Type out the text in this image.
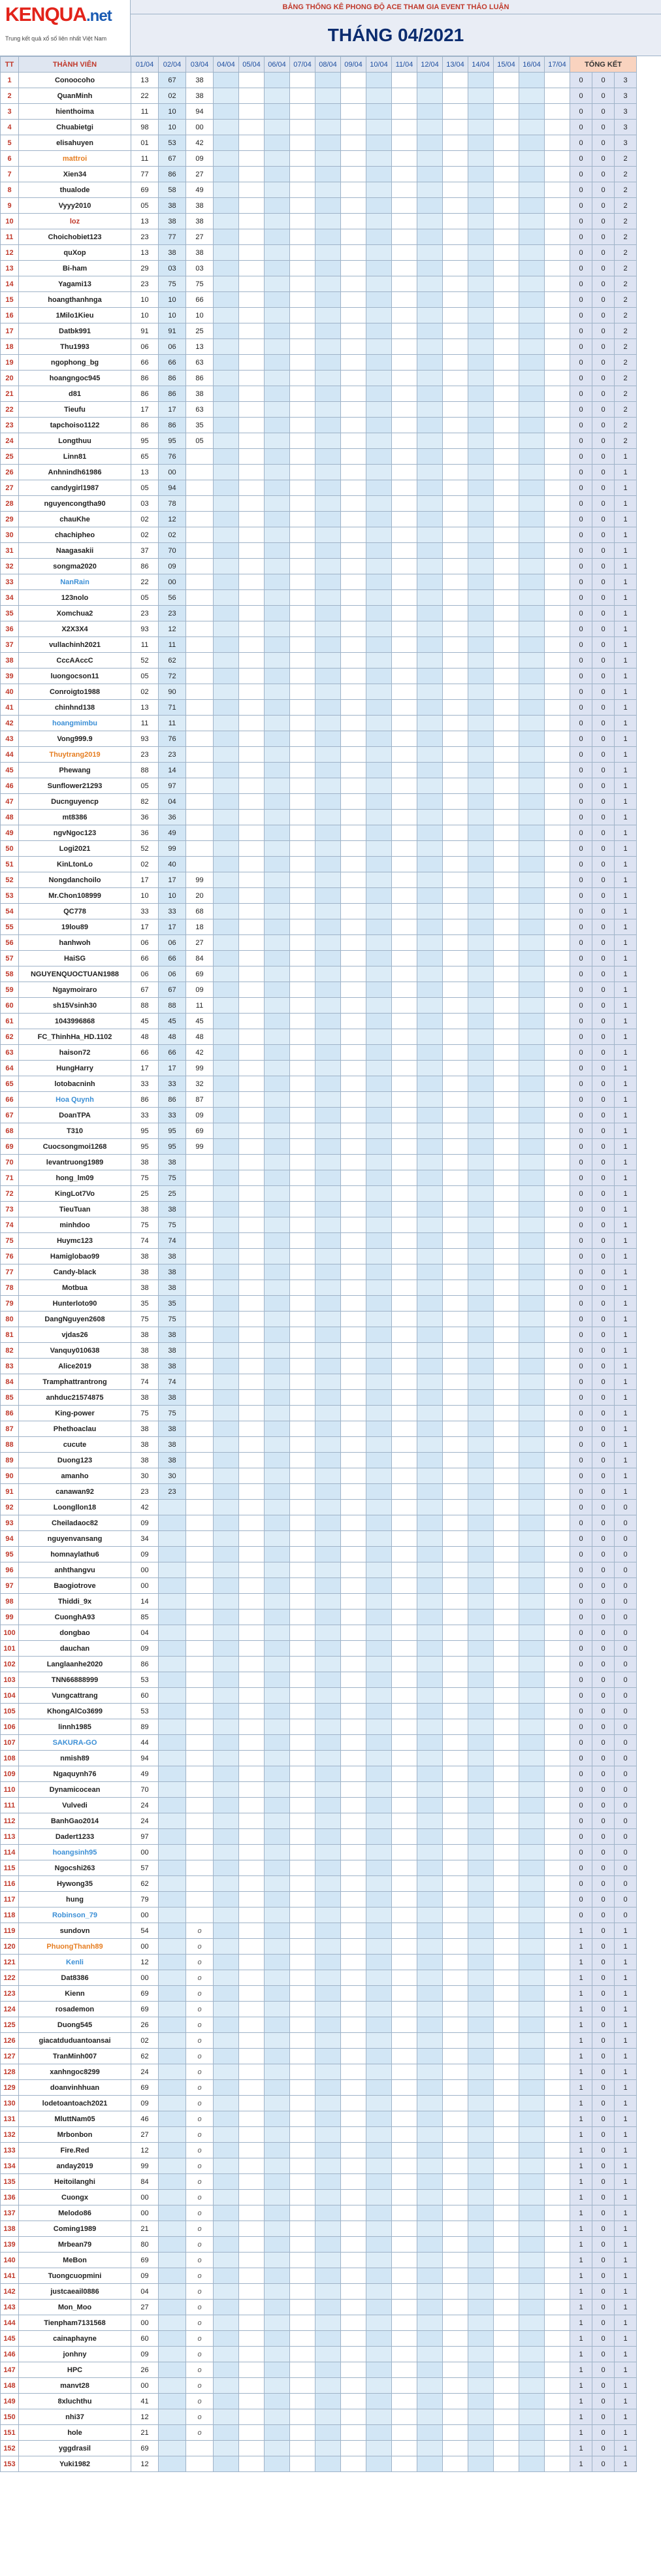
KENQUA.net
Trung kết quả xổ số liên nhất Việt Nam
BẢNG THỐNG KÊ PHONG ĐỘ ACE THAM GIA EVENT THẢO LUẬN
THÁNG 04/2021
TT	THÀNH VIÊN	01/04	02/04	03/04	04/04	05/04	06/04	07/04	08/04	09/04	10/04	11/04	12/04	13/04	14/04	15/04	16/04	17/04	TỔNG KẾT		
1	Conoocoho	13	67	38															0	0	3
2	QuanMinh	22	02	38															0	0	3
3	hienthoima	11	10	94															0	0	3
4	Chuabietgi	98	10	00															0	0	3
5	elisahuyen	01	53	42															0	0	3
6	mattroi	11	67	09															0	0	2
7	Xien34	77	86	27															0	0	2
8	thualode	69	58	49															0	0	2
9	Vyyy2010	05	38	38															0	0	2
10	loz	13	38	38															0	0	2
11	Choichobiet123	23	77	27															0	0	2
12	quXop	13	38	38															0	0	2
13	Bi-ham	29	03	03															0	0	2
14	Yagami13	23	75	75															0	0	2
15	hoangthanhnga	10	10	66															0	0	2
16	1Milo1Kieu	10	10	10															0	0	2
17	Datbk991	91	91	25															0	0	2
18	Thu1993	06	06	13															0	0	2
19	ngophong_bg	66	66	63															0	0	2
20	hoangngoc945	86	86	86															0	0	2
21	d81	86	86	38															0	0	2
22	Tieufu	17	17	63															0	0	2
23	tapchoiso1122	86	86	35															0	0	2
24	Longthuu	95	95	05															0	0	2
25	Linn81	65	76																0	0	1
26	Anhnindh61986	13	00																0	0	1
27	candygirl1987	05	94																0	0	1
28	nguyencongtha90	03	78																0	0	1
29	chauKhe	02	12																0	0	1
30	chachipheo	02	02																0	0	1
31	Naagasakii	37	70																0	0	1
32	songma2020	86	09																0	0	1
33	NanRain	22	00																0	0	1
34	123nolo	05	56																0	0	1
35	Xomchua2	23	23																0	0	1
36	X2X3X4	93	12																0	0	1
37	vullachinh2021	11	11																0	0	1
38	CccAAccC	52	62																0	0	1
39	luongocson11	05	72																0	0	1
40	Conroigto1988	02	90																0	0	1
41	chinhnd138	13	71																0	0	1
42	hoangmimbu	11	11																0	0	1
43	Vong999.9	93	76																0	0	1
44	Thuytrang2019	23	23																0	0	1
45	Phewang	88	14																0	0	1
46	Sunflower21293	05	97																0	0	1
47	Ducnguyencp	82	04																0	0	1
48	mt8386	36	36																0	0	1
49	ngvNgoc123	36	49																0	0	1
50	Logi2021	52	99																0	0	1
51	KinLtonLo	02	40																0	0	1
52	Nongdanchoilo	17	17	99															0	0	1
53	Mr.Chon108999	10	10	20															0	0	1
54	QC778	33	33	68															0	0	1
55	19lou89	17	17	18															0	0	1
56	hanhwoh	06	06	27															0	0	1
57	HaiSG	66	66	84															0	0	1
58	NGUYENQUOCTUAN1988	06	06	69															0	0	1
59	Ngaymoiraro	67	67	09															0	0	1
60	sh15Vsinh30	88	88	11															0	0	1
61	1043996868	45	45	45															0	0	1
62	FC_ThinhHa_HD.1102	48	48	48															0	0	1
63	haison72	66	66	42															0	0	1
64	HungHarry	17	17	99															0	0	1
65	lotobacninh	33	33	32															0	0	1
66	Hoa Quynh	86	86	87															0	0	1
67	DoanTPA	33	33	09															0	0	1
68	T310	95	95	69															0	0	1
69	Cuocsongmoi1268	95	95	99															0	0	1
70	levantruong1989	38	38																0	0	1
71	hong_lm09	75	75																0	0	1
72	KingLot7Vo	25	25																0	0	1
73	TieuTuan	38	38																0	0	1
74	minhdoo	75	75																0	0	1
75	Huymc123	74	74																0	0	1
76	Hamiglobao99	38	38																0	0	1
77	Candy-black	38	38																0	0	1
78	Motbua	38	38																0	0	1
79	Hunterloto90	35	35																0	0	1
80	DangNguyen2608	75	75																0	0	1
81	vjdas26	38	38																0	0	1
82	Vanquy010638	38	38																0	0	1
83	Alice2019	38	38																0	0	1
84	Tramphattrantrong	74	74																0	0	1
85	anhduc21574875	38	38																0	0	1
86	King-power	75	75																0	0	1
87	Phethoaclau	38	38																0	0	1
88	cucute	38	38																0	0	1
89	Duong123	38	38																0	0	1
90	amanho	30	30																0	0	1
91	canawan92	23	23																0	0	1
92	Loongllon18	42																	0	0	0
93	Cheiladaoc82	09																	0	0	0
94	nguyenvansang	34																	0	0	0
95	homnaylathu6	09																	0	0	0
96	anhthangvu	00																	0	0	0
97	Baogiotrove	00																	0	0	0
98	Thiddi_9x	14																	0	0	0
99	CuonghA93	85																	0	0	0
100	dongbao	04																	0	0	0
101	dauchan	09																	0	0	0
102	Langlaanhe2020	86																	0	0	0
103	TNN66888999	53																	0	0	0
104	Vungcattrang	60																	0	0	0
105	KhongAlCo3699	53																	0	0	0
106	linnh1985	89																	0	0	0
107	SAKURA-GO	44																	0	0	0
108	nmish89	94																	0	0	0
109	Ngaquynh76	49																	0	0	0
110	Dynamicocean	70																	0	0	0
111	Vulvedi	24																	0	0	0
112	BanhGao2014	24																	0	0	0
113	Dadert1233	97																	0	0	0
114	hoangsinh95	00																	0	0	0
115	Ngocshi263	57																	0	0	0
116	Hywong35	62																	0	0	0
117	hung	79																	0	0	0
118	Robinson_79	00																	0	0	0
119	sundovn	54		o															1	0	1
120	PhuongThanh89	00		o															1	0	1
121	Kenli	12		o															1	0	1
122	Dat8386	00		o															1	0	1
123	Kienn	69		o															1	0	1
124	rosademon	69		o															1	0	1
125	Duong545	26		o															1	0	1
126	giacatduduantoansai	02		o															1	0	1
127	TranMinh007	62		o															1	0	1
128	xanhngoc8299	24		o															1	0	1
129	doanvinhhuan	69		o															1	0	1
130	lodetoantoach2021	09		o															1	0	1
131	MluttNam05	46		o															1	0	1
132	Mrbonbon	27		o															1	0	1
133	Fire.Red	12		o															1	0	1
134	anday2019	99		o															1	0	1
135	Heitoilanghi	84		o															1	0	1
136	Cuongx	00		o															1	0	1
137	Melodo86	00		o															1	0	1
138	Coming1989	21		o															1	0	1
139	Mrbean79	80		o															1	0	1
140	MeBon	69		o															1	0	1
141	Tuongcuopmini	09		o															1	0	1
142	justcaeail0886	04		o															1	0	1
143	Mon_Moo	27		o															1	0	1
144	Tienpham7131568	00		o															1	0	1
145	cainaphayne	60		o															1	0	1
146	jonhny	09		o															1	0	1
147	HPC	26		o															1	0	1
148	manvt28	00		o															1	0	1
149	8xluchthu	41		o															1	0	1
150	nhi37	12		o															1	0	1
151	hole	21		o															1	0	1
152	yggdrasil	69																	1	0	1
153	Yuki1982	12																	1	0	1
